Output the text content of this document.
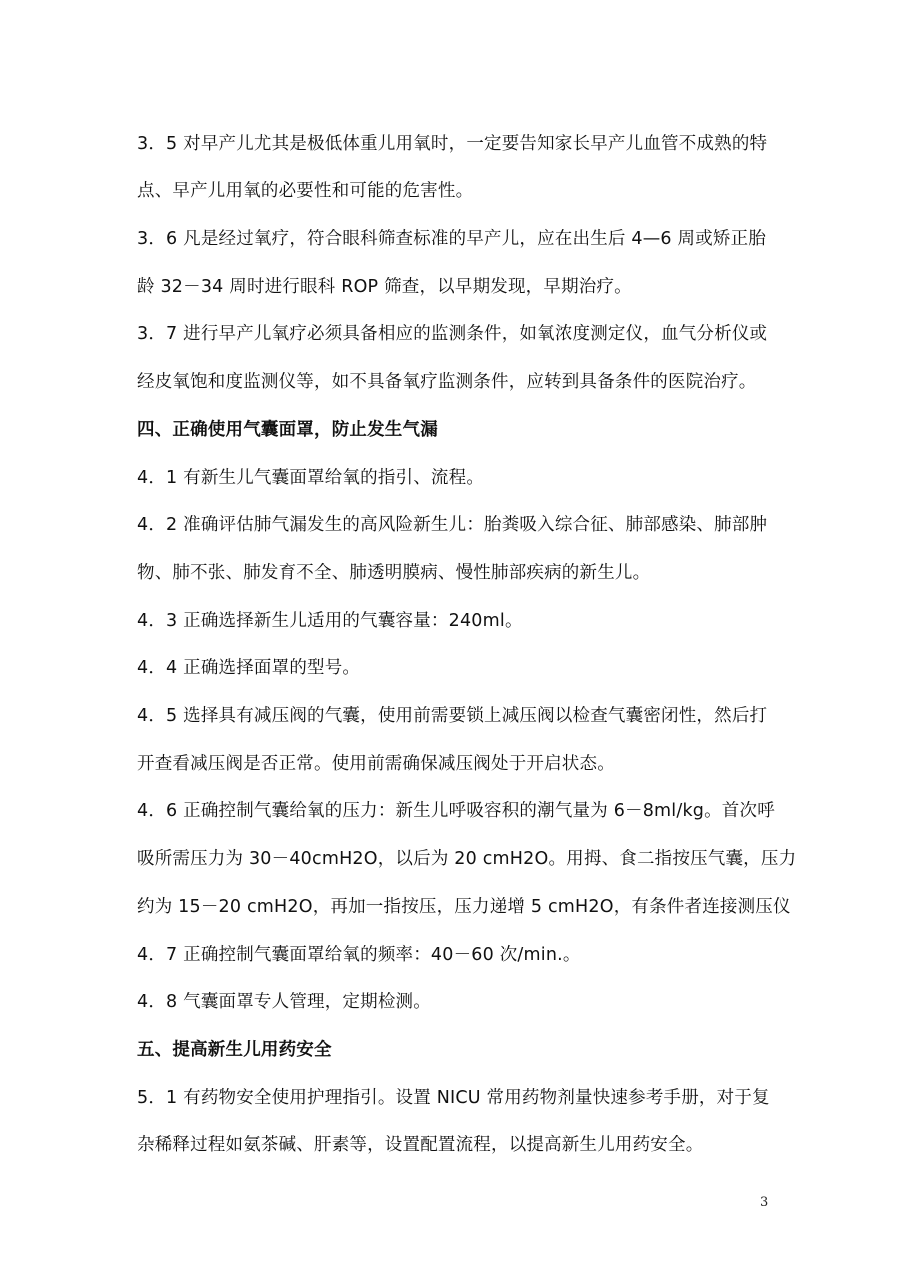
3．5 对早产儿尤其是极低体重儿用氧时，一定要告知家长早产儿血管不成熟的特
点、早产儿用氧的必要性和可能的危害性。
3．6 凡是经过氧疗，符合眼科筛查标准的早产儿，应在出生后 4—6 周或矫正胎
龄 32－34 周时进行眼科 ROP 筛查，以早期发现，早期治疗。
3．7 进行早产儿氧疗必须具备相应的监测条件，如氧浓度测定仪，血气分析仪或
经皮氧饱和度监测仪等，如不具备氧疗监测条件，应转到具备条件的医院治疗。
四、正确使用气囊面罩，防止发生气漏
4．1 有新生儿气囊面罩给氧的指引、流程。
4．2 准确评估肺气漏发生的高风险新生儿：胎粪吸入综合征、肺部感染、肺部肿
物、肺不张、肺发育不全、肺透明膜病、慢性肺部疾病的新生儿。
4．3 正确选择新生儿适用的气囊容量：240ml。
4．4 正确选择面罩的型号。
4．5 选择具有减压阀的气囊，使用前需要锁上减压阀以检查气囊密闭性，然后打
开查看减压阀是否正常。使用前需确保减压阀处于开启状态。
4．6 正确控制气囊给氧的压力：新生儿呼吸容积的潮气量为 6－8ml/kg。首次呼
吸所需压力为 30－40cmH2O，以后为 20 cmH2O。用拇、食二指按压气囊，压力
约为 15－20 cmH2O，再加一指按压，压力递增 5 cmH2O，有条件者连接测压仪
4．7 正确控制气囊面罩给氧的频率：40－60 次/min.。
4．8 气囊面罩专人管理，定期检测。
五、提高新生儿用药安全
5．1 有药物安全使用护理指引。设置 NICU 常用药物剂量快速参考手册，对于复
杂稀释过程如氨茶碱、肝素等，设置配置流程，以提高新生儿用药安全。
3
